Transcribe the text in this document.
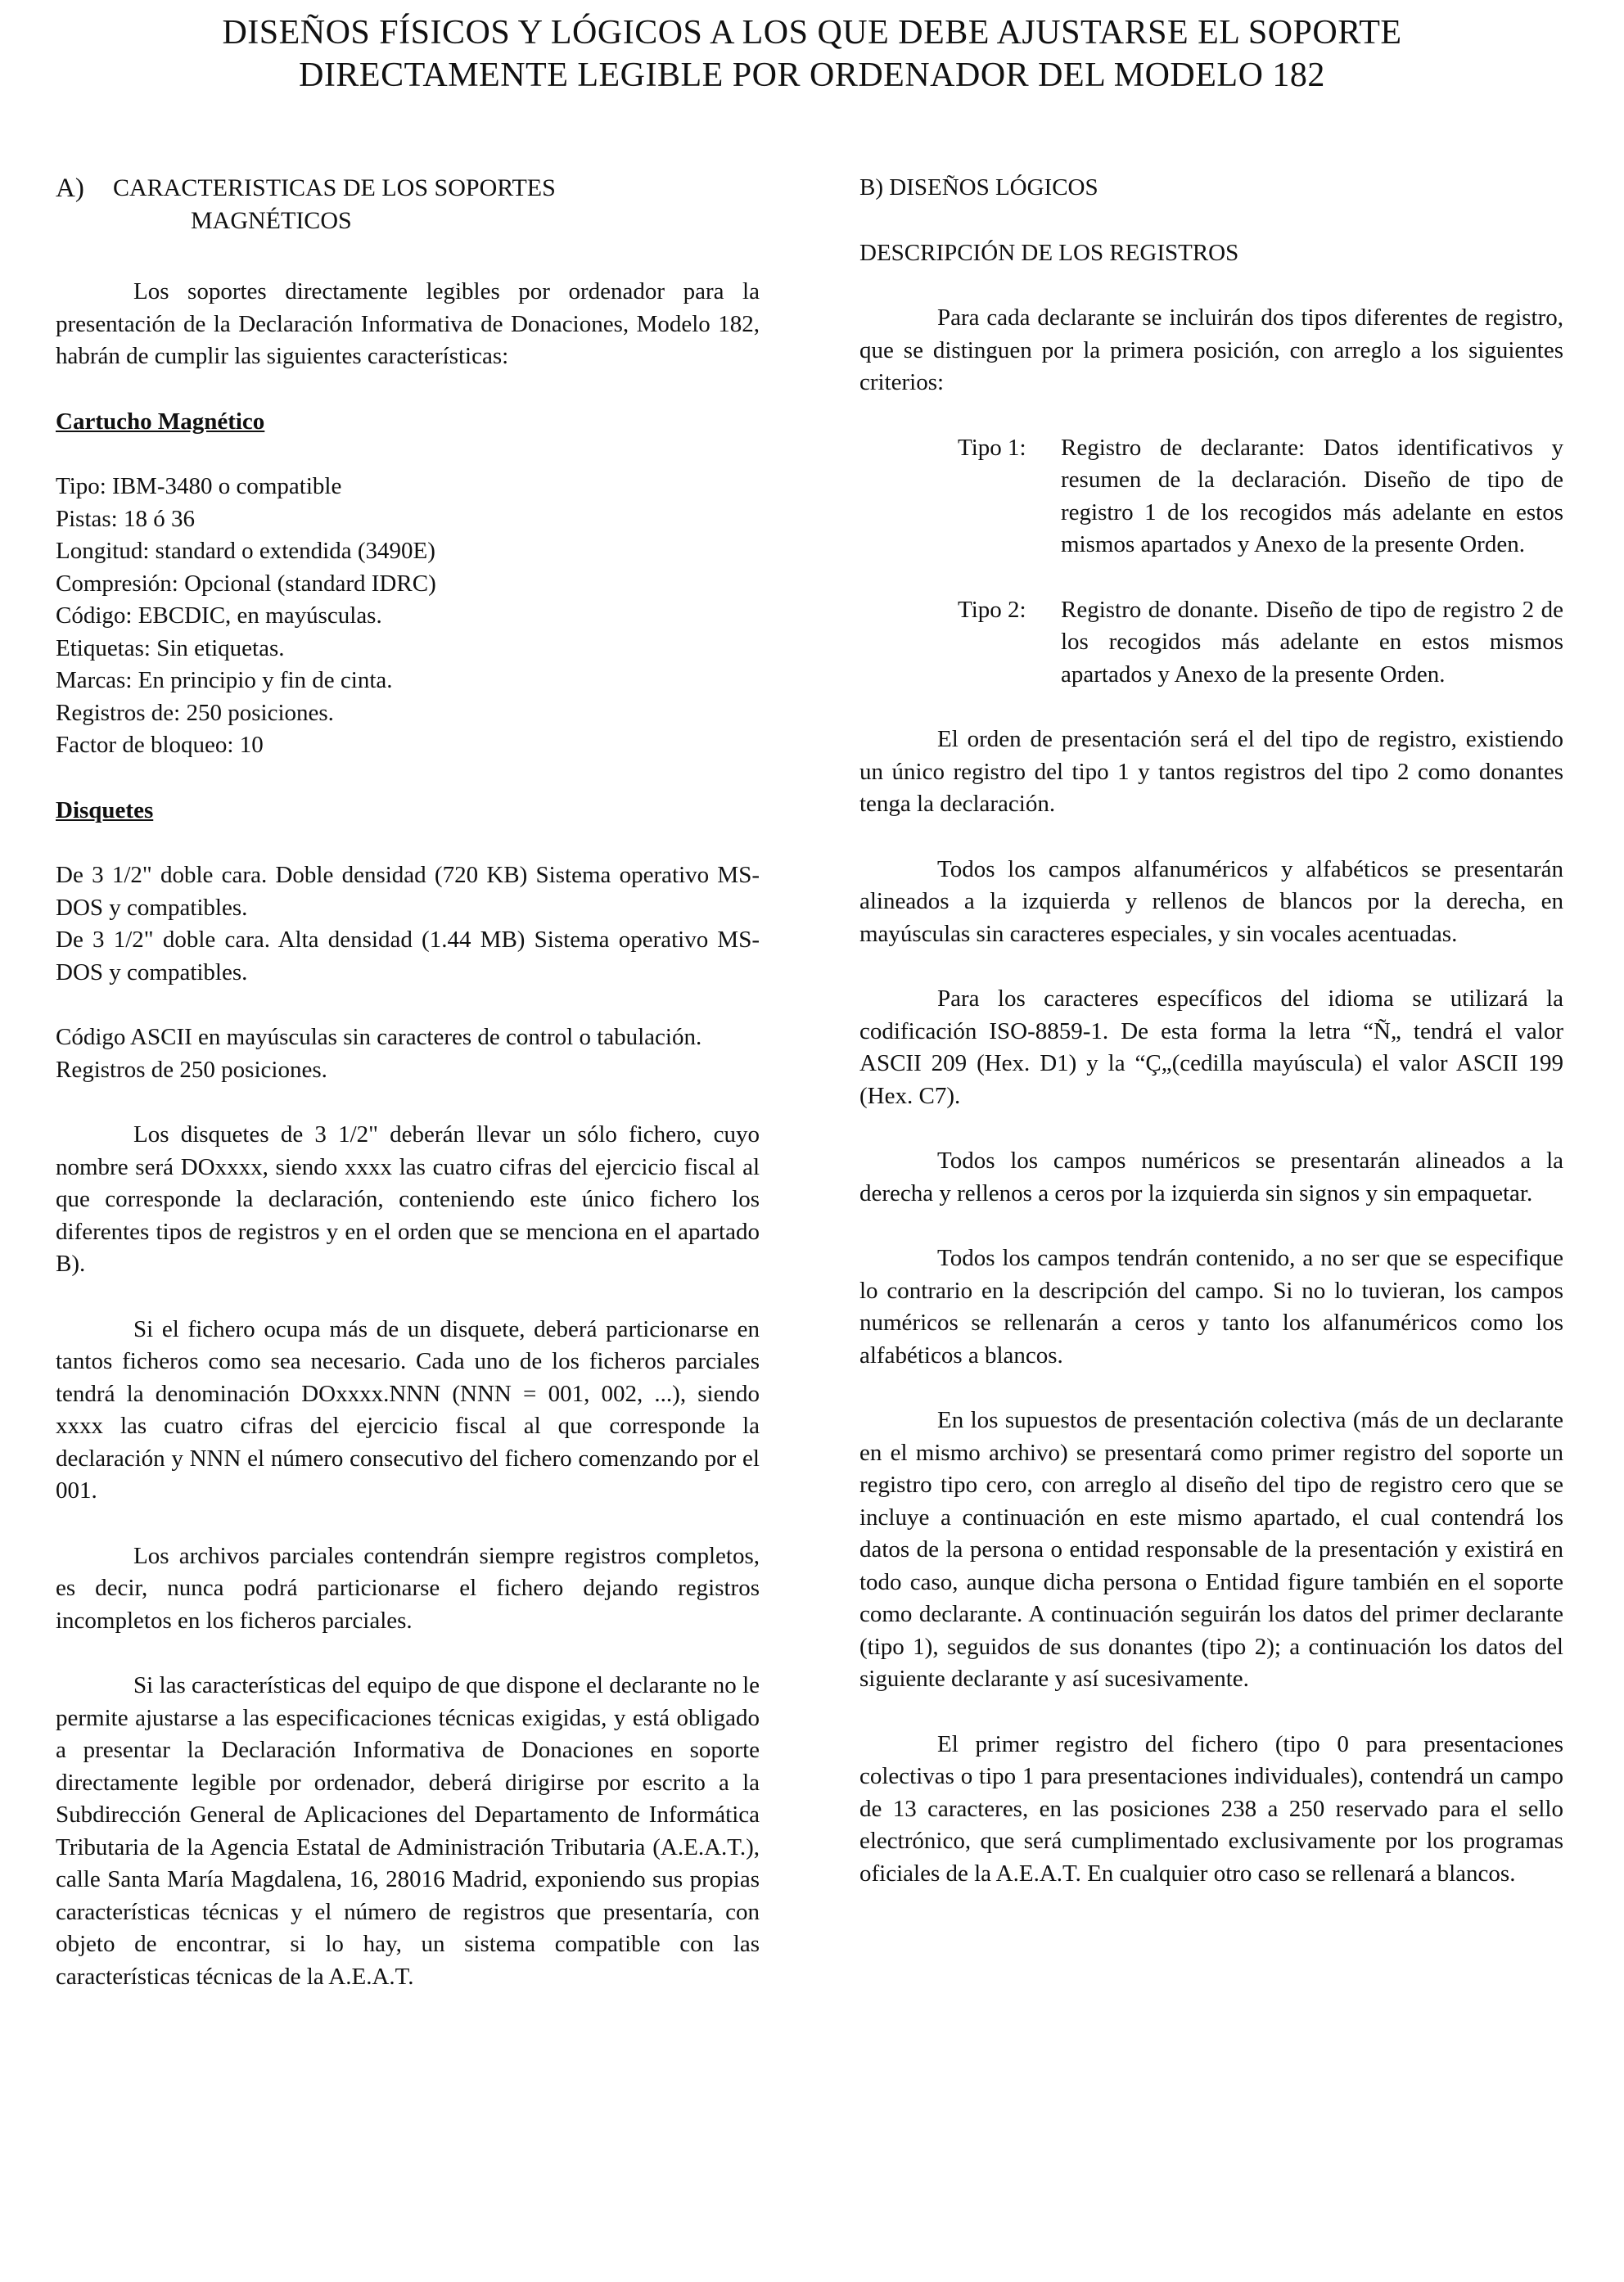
DISEÑOS FÍSICOS Y LÓGICOS A LOS QUE DEBE AJUSTARSE EL SOPORTE
DIRECTAMENTE LEGIBLE POR ORDENADOR DEL MODELO 182
A)	CARACTERISTICAS DE LOS SOPORTES
MAGNÉTICOS

Los soportes directamente legibles por ordenador para la presentación de la Declaración Informativa de Donaciones, Modelo 182, habrán de cumplir las siguientes características:

Cartucho Magnético

Tipo: IBM-3480 o compatible
Pistas: 18 ó 36
Longitud: standard o extendida (3490E)
Compresión: Opcional (standard IDRC)
Código: EBCDIC, en mayúsculas.
Etiquetas: Sin etiquetas.
Marcas: En principio y fin de cinta.
Registros de: 250 posiciones.
Factor de bloqueo: 10

Disquetes

De 3 1/2" doble cara. Doble densidad (720 KB) Sistema operativo MS-DOS y compatibles.

De 3 1/2" doble cara. Alta densidad (1.44 MB) Sistema operativo MS-DOS y compatibles.

Código ASCII en mayúsculas sin caracteres de control o tabulación.

Registros de 250 posiciones.

Los disquetes de 3 1/2" deberán llevar un sólo fichero, cuyo nombre será DOxxxx, siendo xxxx las cuatro cifras del ejercicio fiscal al que corresponde la declaración, conteniendo este único fichero los diferentes tipos de registros y en el orden que se menciona en el apartado B).

Si el fichero ocupa más de un disquete, deberá particionarse en tantos ficheros como sea necesario. Cada uno de los ficheros parciales tendrá la denominación DOxxxx.NNN (NNN = 001, 002, ...), siendo xxxx las cuatro cifras del ejercicio fiscal al que corresponde la declaración y NNN el número consecutivo del fichero comenzando por el 001.

Los archivos parciales contendrán siempre registros completos, es decir, nunca podrá particionarse el fichero dejando registros incompletos en los ficheros parciales.

Si las características del equipo de que dispone el declarante no le permite ajustarse a las especificaciones técnicas exigidas, y está obligado a presentar la Declaración Informativa de Donaciones en soporte directamente legible por ordenador, deberá dirigirse por escrito a la Subdirección General de Aplicaciones del Departamento de Informática Tributaria de la Agencia Estatal de Administración Tributaria (A.E.A.T.), calle Santa María Magdalena, 16, 28016 Madrid, exponiendo sus propias características técnicas y el número de registros que presentaría, con objeto de encontrar, si lo hay, un sistema compatible con las características técnicas de la A.E.A.T.

B) DISEÑOS LÓGICOS

DESCRIPCIÓN DE LOS REGISTROS

Para cada declarante se incluirán dos tipos diferentes de registro, que se distinguen por la primera posición, con arreglo a los siguientes criterios:

Tipo 1:	Registro de declarante: Datos identificativos y resumen de la declaración. Diseño de tipo de registro 1 de los recogidos más adelante en estos mismos apartados y Anexo de la presente Orden.
Tipo 2:	Registro de donante. Diseño de tipo de registro 2 de los recogidos más adelante en estos mismos apartados y Anexo de la presente Orden.

El orden de presentación será el del tipo de registro, existiendo un único registro del tipo 1 y tantos registros del tipo 2 como donantes tenga la declaración.

Todos los campos alfanuméricos y alfabéticos se presentarán alineados a la izquierda y rellenos de blancos por la derecha, en mayúsculas sin caracteres especiales, y sin vocales acentuadas.

Para los caracteres específicos del idioma se utilizará la codificación ISO-8859-1. De esta forma la letra “Ñ„ tendrá el valor ASCII 209 (Hex. D1) y la “Ç„(cedilla mayúscula) el valor ASCII 199 (Hex. C7).

Todos los campos numéricos se presentarán alineados a la derecha y rellenos a ceros por la izquierda sin signos y sin empaquetar.

Todos los campos tendrán contenido, a no ser que se especifique lo contrario en la descripción del campo. Si no lo tuvieran, los campos numéricos se rellenarán a ceros y tanto los alfanuméricos como los alfabéticos a blancos.

En los supuestos de presentación colectiva (más de un declarante en el mismo archivo) se presentará como primer registro del soporte un registro tipo cero, con arreglo al diseño del tipo de registro cero que se incluye a continuación en este mismo apartado, el cual contendrá los datos de la persona o entidad responsable de la presentación y existirá en todo caso, aunque dicha persona o Entidad figure también en el soporte como declarante. A continuación seguirán los datos del primer declarante (tipo 1), seguidos de sus donantes (tipo 2); a continuación los datos del siguiente declarante y así sucesivamente.

El primer registro del fichero (tipo 0 para presentaciones colectivas o tipo 1 para presentaciones individuales), contendrá un campo de 13 caracteres, en las posiciones 238 a 250 reservado para el sello electrónico, que será cumplimentado exclusivamente por los programas oficiales de la A.E.A.T. En cualquier otro caso se rellenará a blancos.
